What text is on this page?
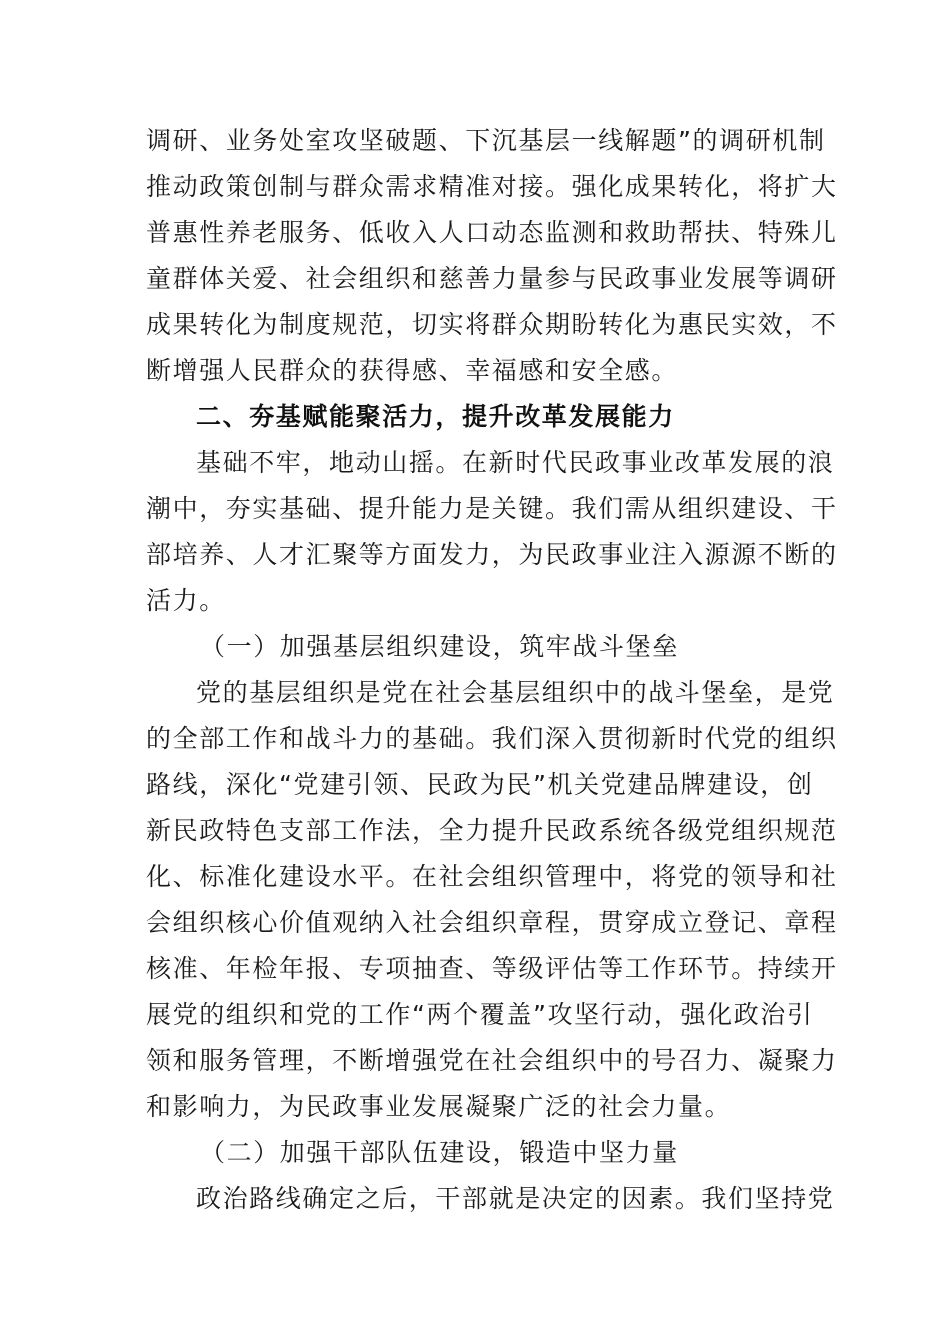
调研、业务处室攻坚破题、下沉基层一线解题”的调研机制
推动政策创制与群众需求精准对接。强化成果转化，将扩大
普惠性养老服务、低收入人口动态监测和救助帮扶、特殊儿
童群体关爱、社会组织和慈善力量参与民政事业发展等调研
成果转化为制度规范，切实将群众期盼转化为惠民实效，不
断增强人民群众的获得感、幸福感和安全感。
二、夯基赋能聚活力，提升改革发展能力
基础不牢，地动山摇。在新时代民政事业改革发展的浪
潮中，夯实基础、提升能力是关键。我们需从组织建设、干
部培养、人才汇聚等方面发力，为民政事业注入源源不断的
活力。
（一）加强基层组织建设，筑牢战斗堡垒
党的基层组织是党在社会基层组织中的战斗堡垒，是党
的全部工作和战斗力的基础。我们深入贯彻新时代党的组织
路线，深化“党建引领、民政为民”机关党建品牌建设，创
新民政特色支部工作法，全力提升民政系统各级党组织规范
化、标准化建设水平。在社会组织管理中，将党的领导和社
会组织核心价值观纳入社会组织章程，贯穿成立登记、章程
核准、年检年报、专项抽查、等级评估等工作环节。持续开
展党的组织和党的工作“两个覆盖”攻坚行动，强化政治引
领和服务管理，不断增强党在社会组织中的号召力、凝聚力
和影响力，为民政事业发展凝聚广泛的社会力量。
（二）加强干部队伍建设，锻造中坚力量
政治路线确定之后，干部就是决定的因素。我们坚持党
